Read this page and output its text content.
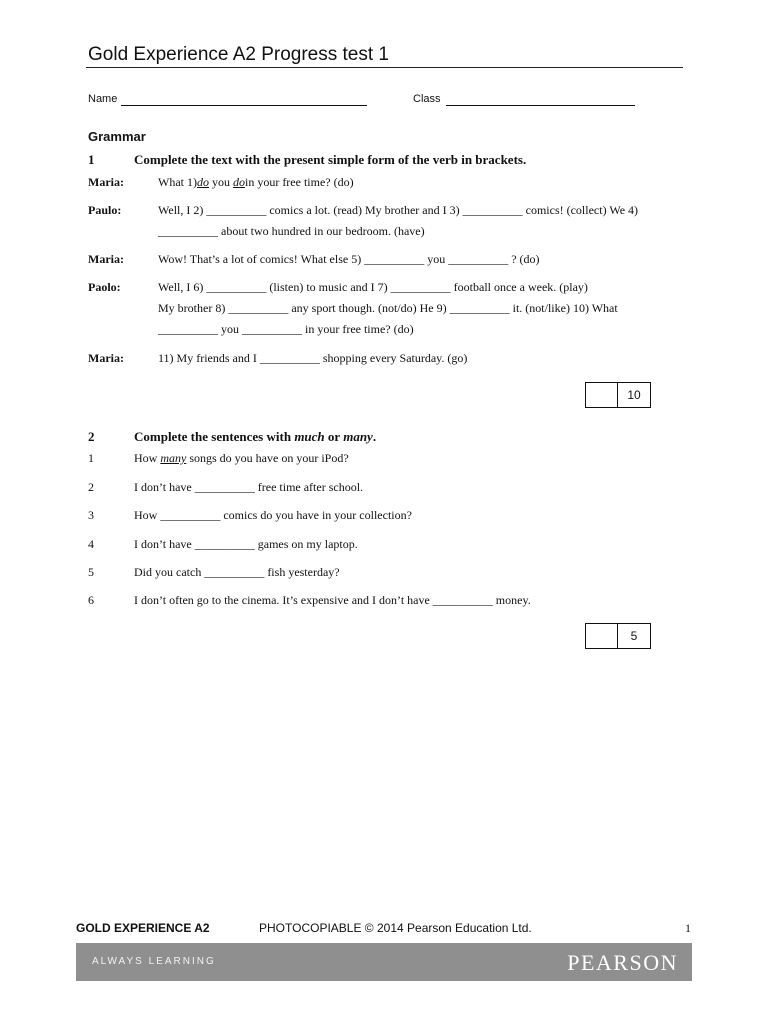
Gold Experience A2 Progress test 1
Name	Class
Grammar
1	Complete the text with the present simple form of the verb in brackets.
Maria:	What 1)do you doin your free time? (do)
Paulo:	Well, I 2) __________ comics a lot. (read) My brother and I 3) __________ comics! (collect) We 4)
__________ about two hundred in our bedroom. (have)
Maria:	Wow! That’s a lot of comics! What else 5) __________ you __________ ? (do)
Paolo:	Well, I 6) __________ (listen) to music and I 7) __________ football once a week. (play)
My brother 8) __________ any sport though. (not/do) He 9) __________ it. (not/like) 10) What
__________ you __________ in your free time? (do)
Maria:	11) My friends and I __________ shopping every Saturday. (go)
10
2	Complete the sentences with much or many.
1	How many songs do you have on your iPod?
2	I don’t have __________ free time after school.
3	How __________ comics do you have in your collection?
4	I don’t have __________ games on my laptop.
5	Did you catch __________ fish yesterday?
6	I don’t often go to the cinema. It’s expensive and I don’t have __________ money.
5
GOLD EXPERIENCE A2	PHOTOCOPIABLE © 2014 Pearson Education Ltd.	1
ALWAYS LEARNING	PEARSON
